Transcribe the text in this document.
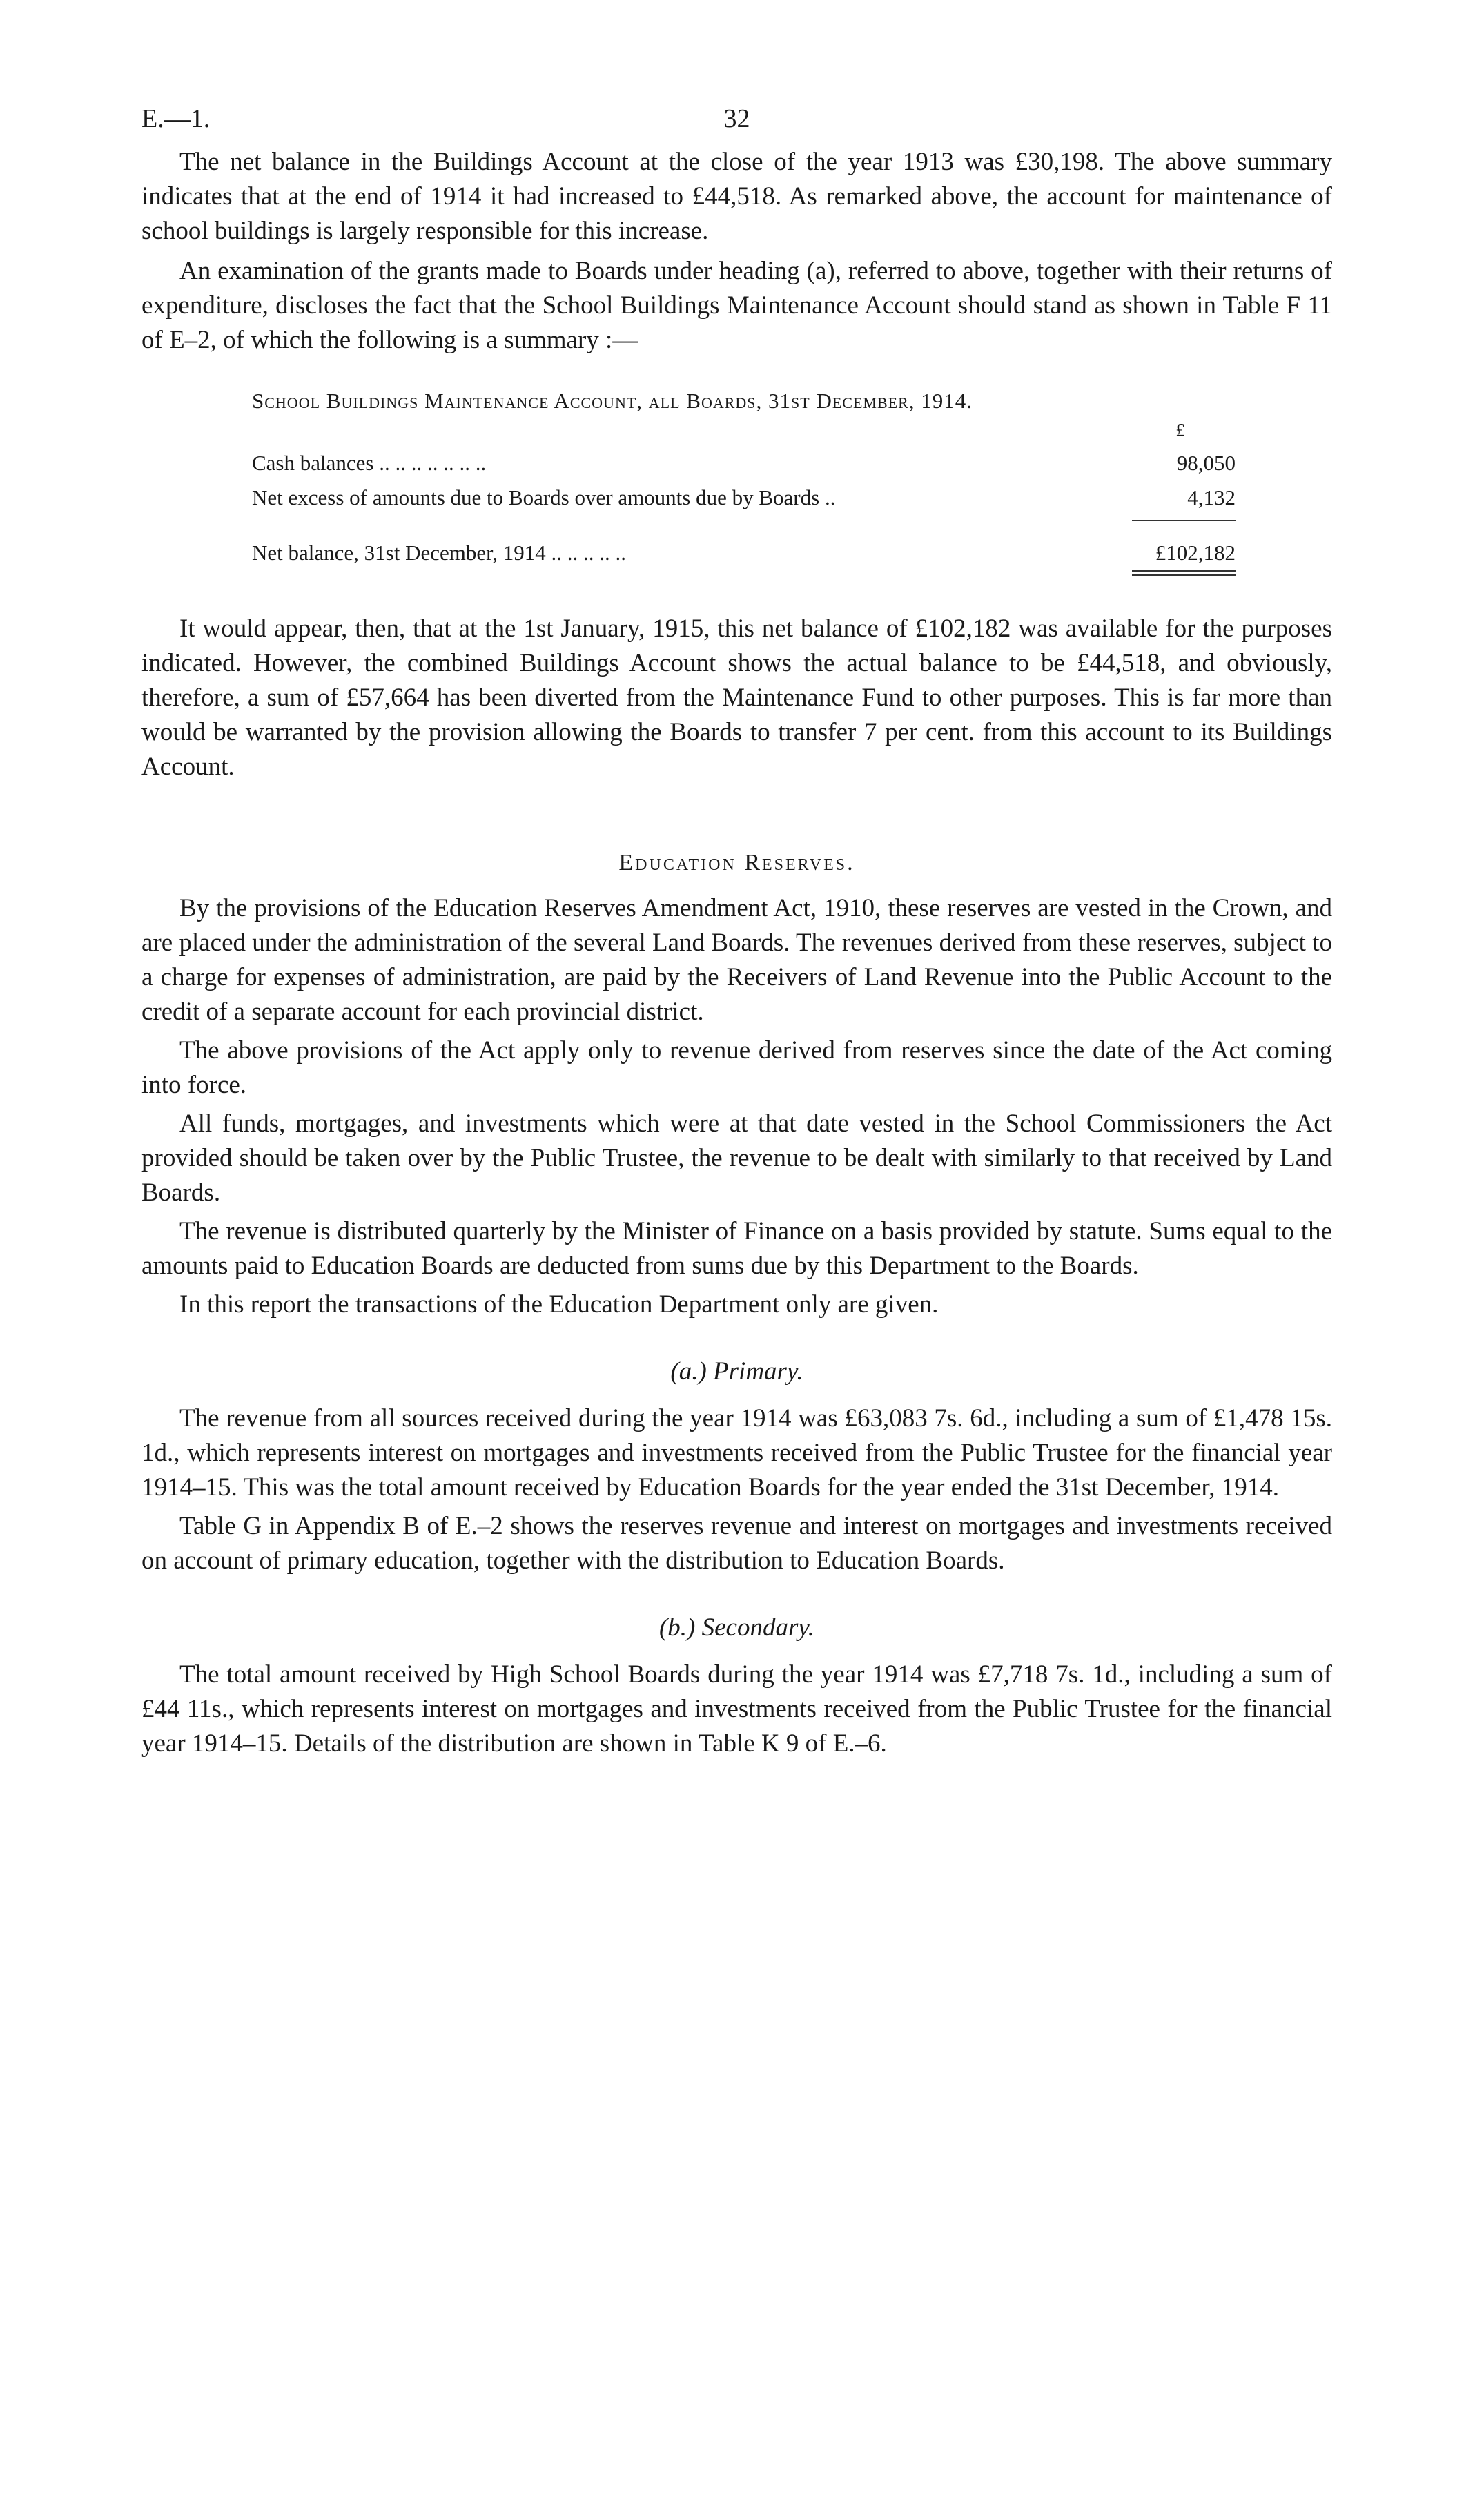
E.—1.	32

The net balance in the Buildings Account at the close of the year 1913 was £30,198. The above summary indicates that at the end of 1914 it had increased to £44,518. As remarked above, the account for maintenance of school buildings is largely responsible for this increase.

An examination of the grants made to Boards under heading (a), referred to above, together with their returns of expenditure, discloses the fact that the School Buildings Maintenance Account should stand as shown in Table F 11 of E–2, of which the following is a summary :—

School Buildings Maintenance Account, all Boards, 31st December, 1914.
	£
Cash balances .. .. .. .. .. .. ..	98,050
Net excess of amounts due to Boards over amounts due by Boards ..	4,132

Net balance, 31st December, 1914 .. .. .. .. ..	£102,182

It would appear, then, that at the 1st January, 1915, this net balance of £102,182 was available for the purposes indicated. However, the combined Buildings Account shows the actual balance to be £44,518, and obviously, therefore, a sum of £57,664 has been diverted from the Maintenance Fund to other purposes. This is far more than would be warranted by the provision allowing the Boards to transfer 7 per cent. from this account to its Buildings Account.

Education Reserves.

By the provisions of the Education Reserves Amendment Act, 1910, these reserves are vested in the Crown, and are placed under the administration of the several Land Boards. The revenues derived from these reserves, subject to a charge for expenses of administration, are paid by the Receivers of Land Revenue into the Public Account to the credit of a separate account for each provincial district.

The above provisions of the Act apply only to revenue derived from reserves since the date of the Act coming into force.

All funds, mortgages, and investments which were at that date vested in the School Commissioners the Act provided should be taken over by the Public Trustee, the revenue to be dealt with similarly to that received by Land Boards.

The revenue is distributed quarterly by the Minister of Finance on a basis provided by statute. Sums equal to the amounts paid to Education Boards are deducted from sums due by this Department to the Boards.

In this report the transactions of the Education Department only are given.

(a.) Primary.

The revenue from all sources received during the year 1914 was £63,083 7s. 6d., including a sum of £1,478 15s. 1d., which represents interest on mortgages and investments received from the Public Trustee for the financial year 1914–15. This was the total amount received by Education Boards for the year ended the 31st December, 1914.

Table G in Appendix B of E.–2 shows the reserves revenue and interest on mortgages and investments received on account of primary education, together with the distribution to Education Boards.

(b.) Secondary.

The total amount received by High School Boards during the year 1914 was £7,718 7s. 1d., including a sum of £44 11s., which represents interest on mortgages and investments received from the Public Trustee for the financial year 1914–15. Details of the distribution are shown in Table K 9 of E.–6.
